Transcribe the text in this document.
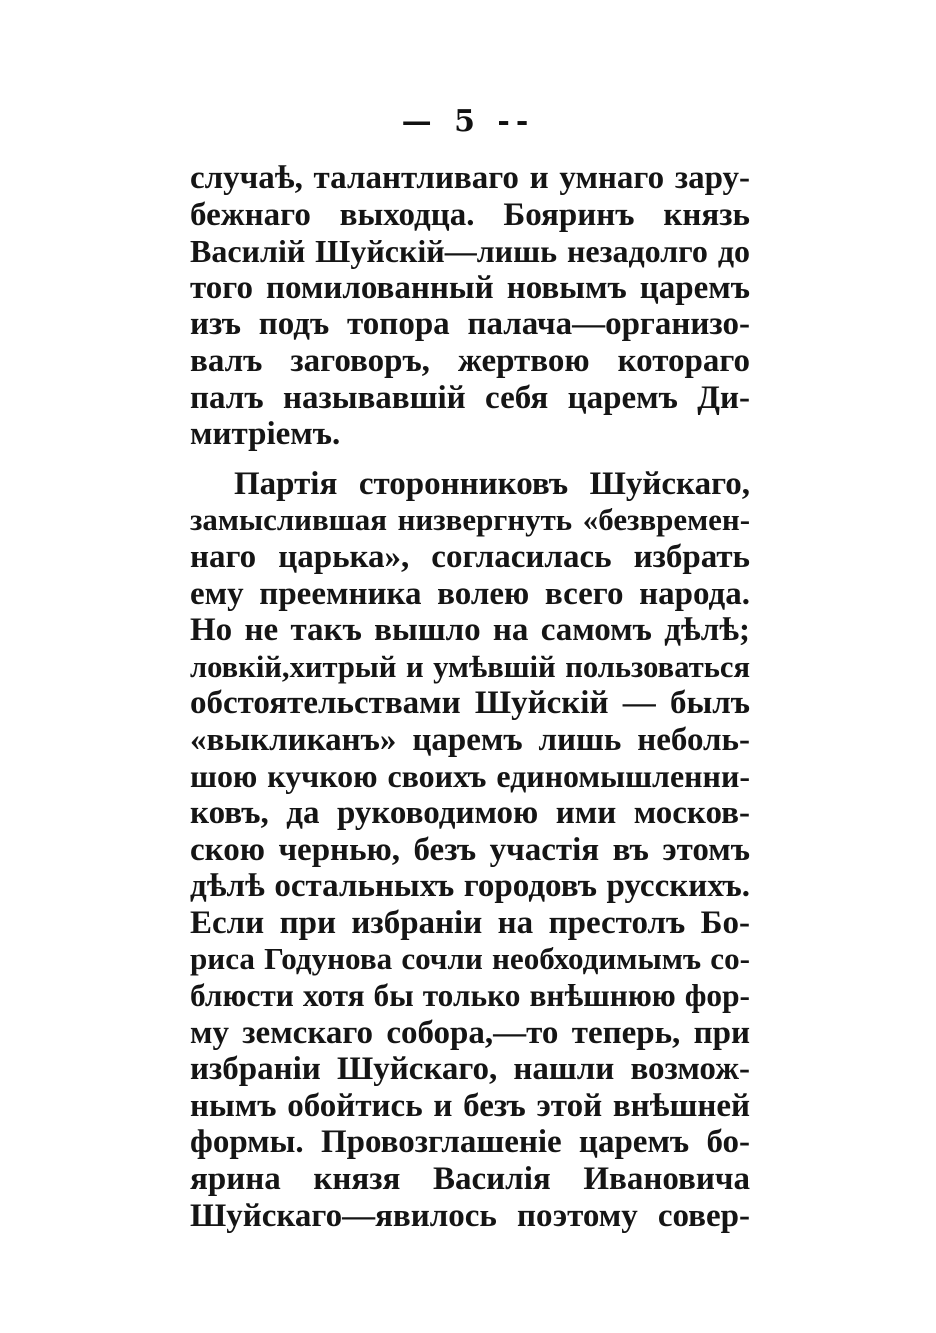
— 5 --
случаѣ, талантливаго и умнаго зару-
бежнаго выходца. Бояринъ князь
Василій Шуйскій—лишь незадолго до
того помилованный новымъ царемъ
изъ подъ топора палача—организо-
валъ заговоръ, жертвою котораго
палъ называвшій себя царемъ Ди-
митріемъ.
Партія сторонниковъ Шуйскаго,
замыслившая низвергнуть «безвремен-
наго царька», согласилась избрать
ему преемника волею всего народа.
Но не такъ вышло на самомъ дѣлѣ;
ловкій,хитрый и умѣвшій пользоваться
обстоятельствами Шуйскій — былъ
«выкликанъ» царемъ лишь неболь-
шою кучкою своихъ единомышленни-
ковъ, да руководимою ими москов-
скою чернью, безъ участія въ этомъ
дѣлѣ остальныхъ городовъ русскихъ.
Если при избраніи на престолъ Бо-
риса Годунова сочли необходимымъ со-
блюсти хотя бы только внѣшнюю фор-
му земскаго собора,—то теперь, при
избраніи Шуйскаго, нашли возмож-
нымъ обойтись и безъ этой внѣшней
формы. Провозглашеніе царемъ бо-
ярина князя Василія Ивановича
Шуйскаго—явилось поэтому совер-
